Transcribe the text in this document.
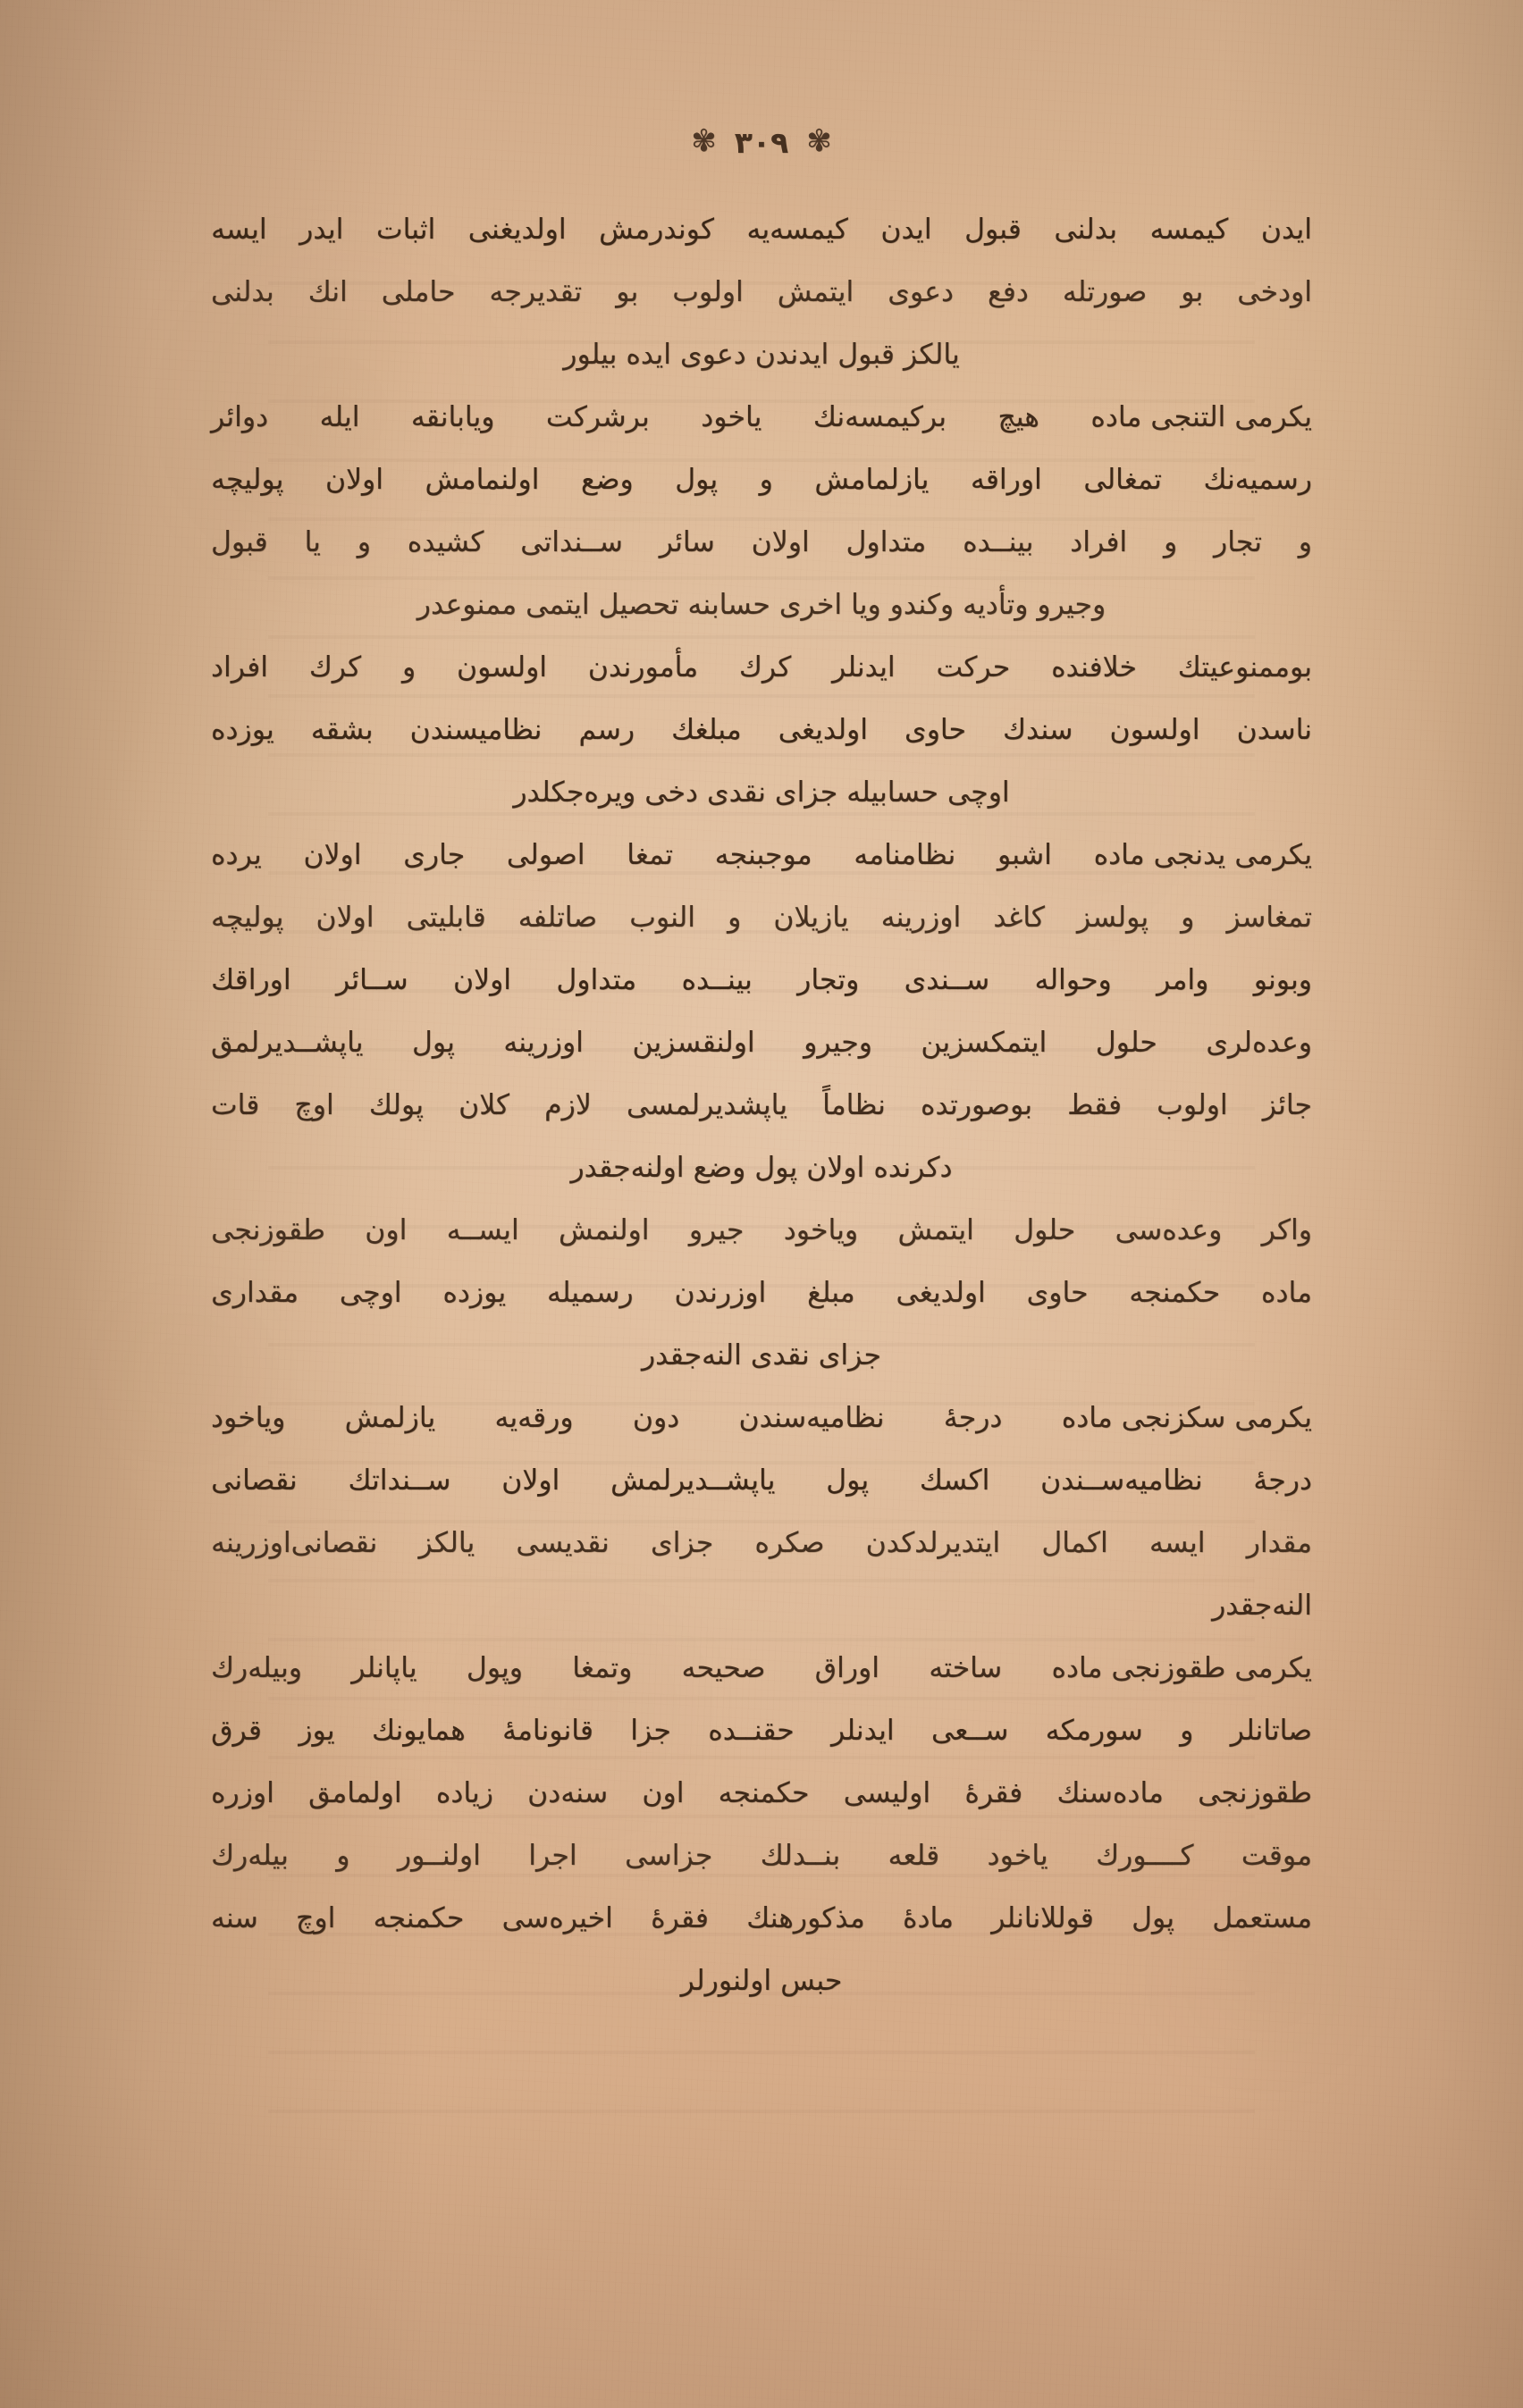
✾
٣٠٩
✾
ايدن
كيمسه
بدلنى
قبول
ايدن
كيمسه‌يه
كوندرمش
اولديغنى
اثبات
ايدر
ايسه
اودخى
بو
صورتله
دفع
دعوى
ايتمش
اولوب
بو
تقديرجه
حاملى
انك
بدلنى
يالكز قبول ايدندن دعوى ايده بيلور
يكرمى التنجى ماده
هيچ
بركيمسه‌نك
ياخود
برشركت
ويابانقه
ايله
دوائر
رسميه‌نك
تمغالى
اوراقه
يازلمامش
و
پول
وضع
اولنمامش
اولان
پوليچه
و
تجار
و
افراد
بينــده
متداول
اولان
سائر
ســنداتى
كشيده
و
يا
قبول
وجيرو وتأديه وكندو ويا اخرى حسابنه تحصيل ايتمى ممنوعدر
بوممنوعيتك
خلافنده
حركت
ايدنلر
كرك
مأمورندن
اولسون
و
كرك
افراد
ناسدن
اولسون
سندك
حاوى
اولديغى
مبلغك
رسم
نظاميسندن
بشقه
يوزده
اوچى حسابيله جزاى نقدى دخى ويره‌جكلدر
يكرمى يدنجى ماده
اشبو
نظامنامه
موجبنجه
تمغا
اصولى
جارى
اولان
يرده
تمغاسز
و
پولسز
كاغد
اوزرينه
يازيلان
و
النوب
صاتلفه
قابليتى
اولان
پوليچه
وبونو
وامر
وحواله
ســندى
وتجار
بينــده
متداول
اولان
ســائر
اوراقك
وعده‌لرى
حلول
ايتمكسزين
وجيرو
اولنقسزين
اوزرينه
پول
ياپشــديرلمق
جائز
اولوب
فقط
بوصورتده
نظاماً
ياپشديرلمسى
لازم
كلان
پولك
اوچ
قات
دكرنده اولان پول وضع اولنه‌جقدر
واكر
وعده‌سى
حلول
ايتمش
وياخود
جيرو
اولنمش
ايســه
اون
طقوزنجى
ماده
حكمنجه
حاوى
اولديغى
مبلغ
اوزرندن
رسميله
يوزده
اوچى
مقدارى
جزاى نقدى النه‌جقدر
يكرمى سكزنجى ماده
درجهٔ
نظاميه‌سندن
دون
ورقه‌يه
يازلمش
وياخود
درجهٔ
نظاميه‌ســندن
اكسك
پول
ياپشــديرلمش
اولان
ســنداتك
نقصانى
مقدار
ايسه
اكمال
ايتديرلدكدن
صكره
جزاى
نقديسى
يالكز
نقصانى‌اوزرينه
النه‌جقدر
يكرمى طقوزنجى ماده
ساخته
اوراق
صحيحه
وتمغا
وپول
ياپانلر
وبيله‌رك
صاتانلر
و
سورمكه
ســعى
ايدنلر
حقنــده
جزا
قانونامهٔ
همايونك
يوز
قرق
طقوزنجى
ماده‌سنك
فقرهٔ
اوليسى
حكمنجه
اون
سنه‌دن
زياده
اولمامق
اوزره
موقت
كــــورك
ياخود
قلعه
بنــدلك
جزاسى
اجرا
اولنــور
و
بيله‌رك
مستعمل
پول
قوللانانلر
مادهٔ
مذكورهنك
فقرهٔ
اخيره‌سى
حكمنجه
اوچ
سنه
حبس اولنورلر
